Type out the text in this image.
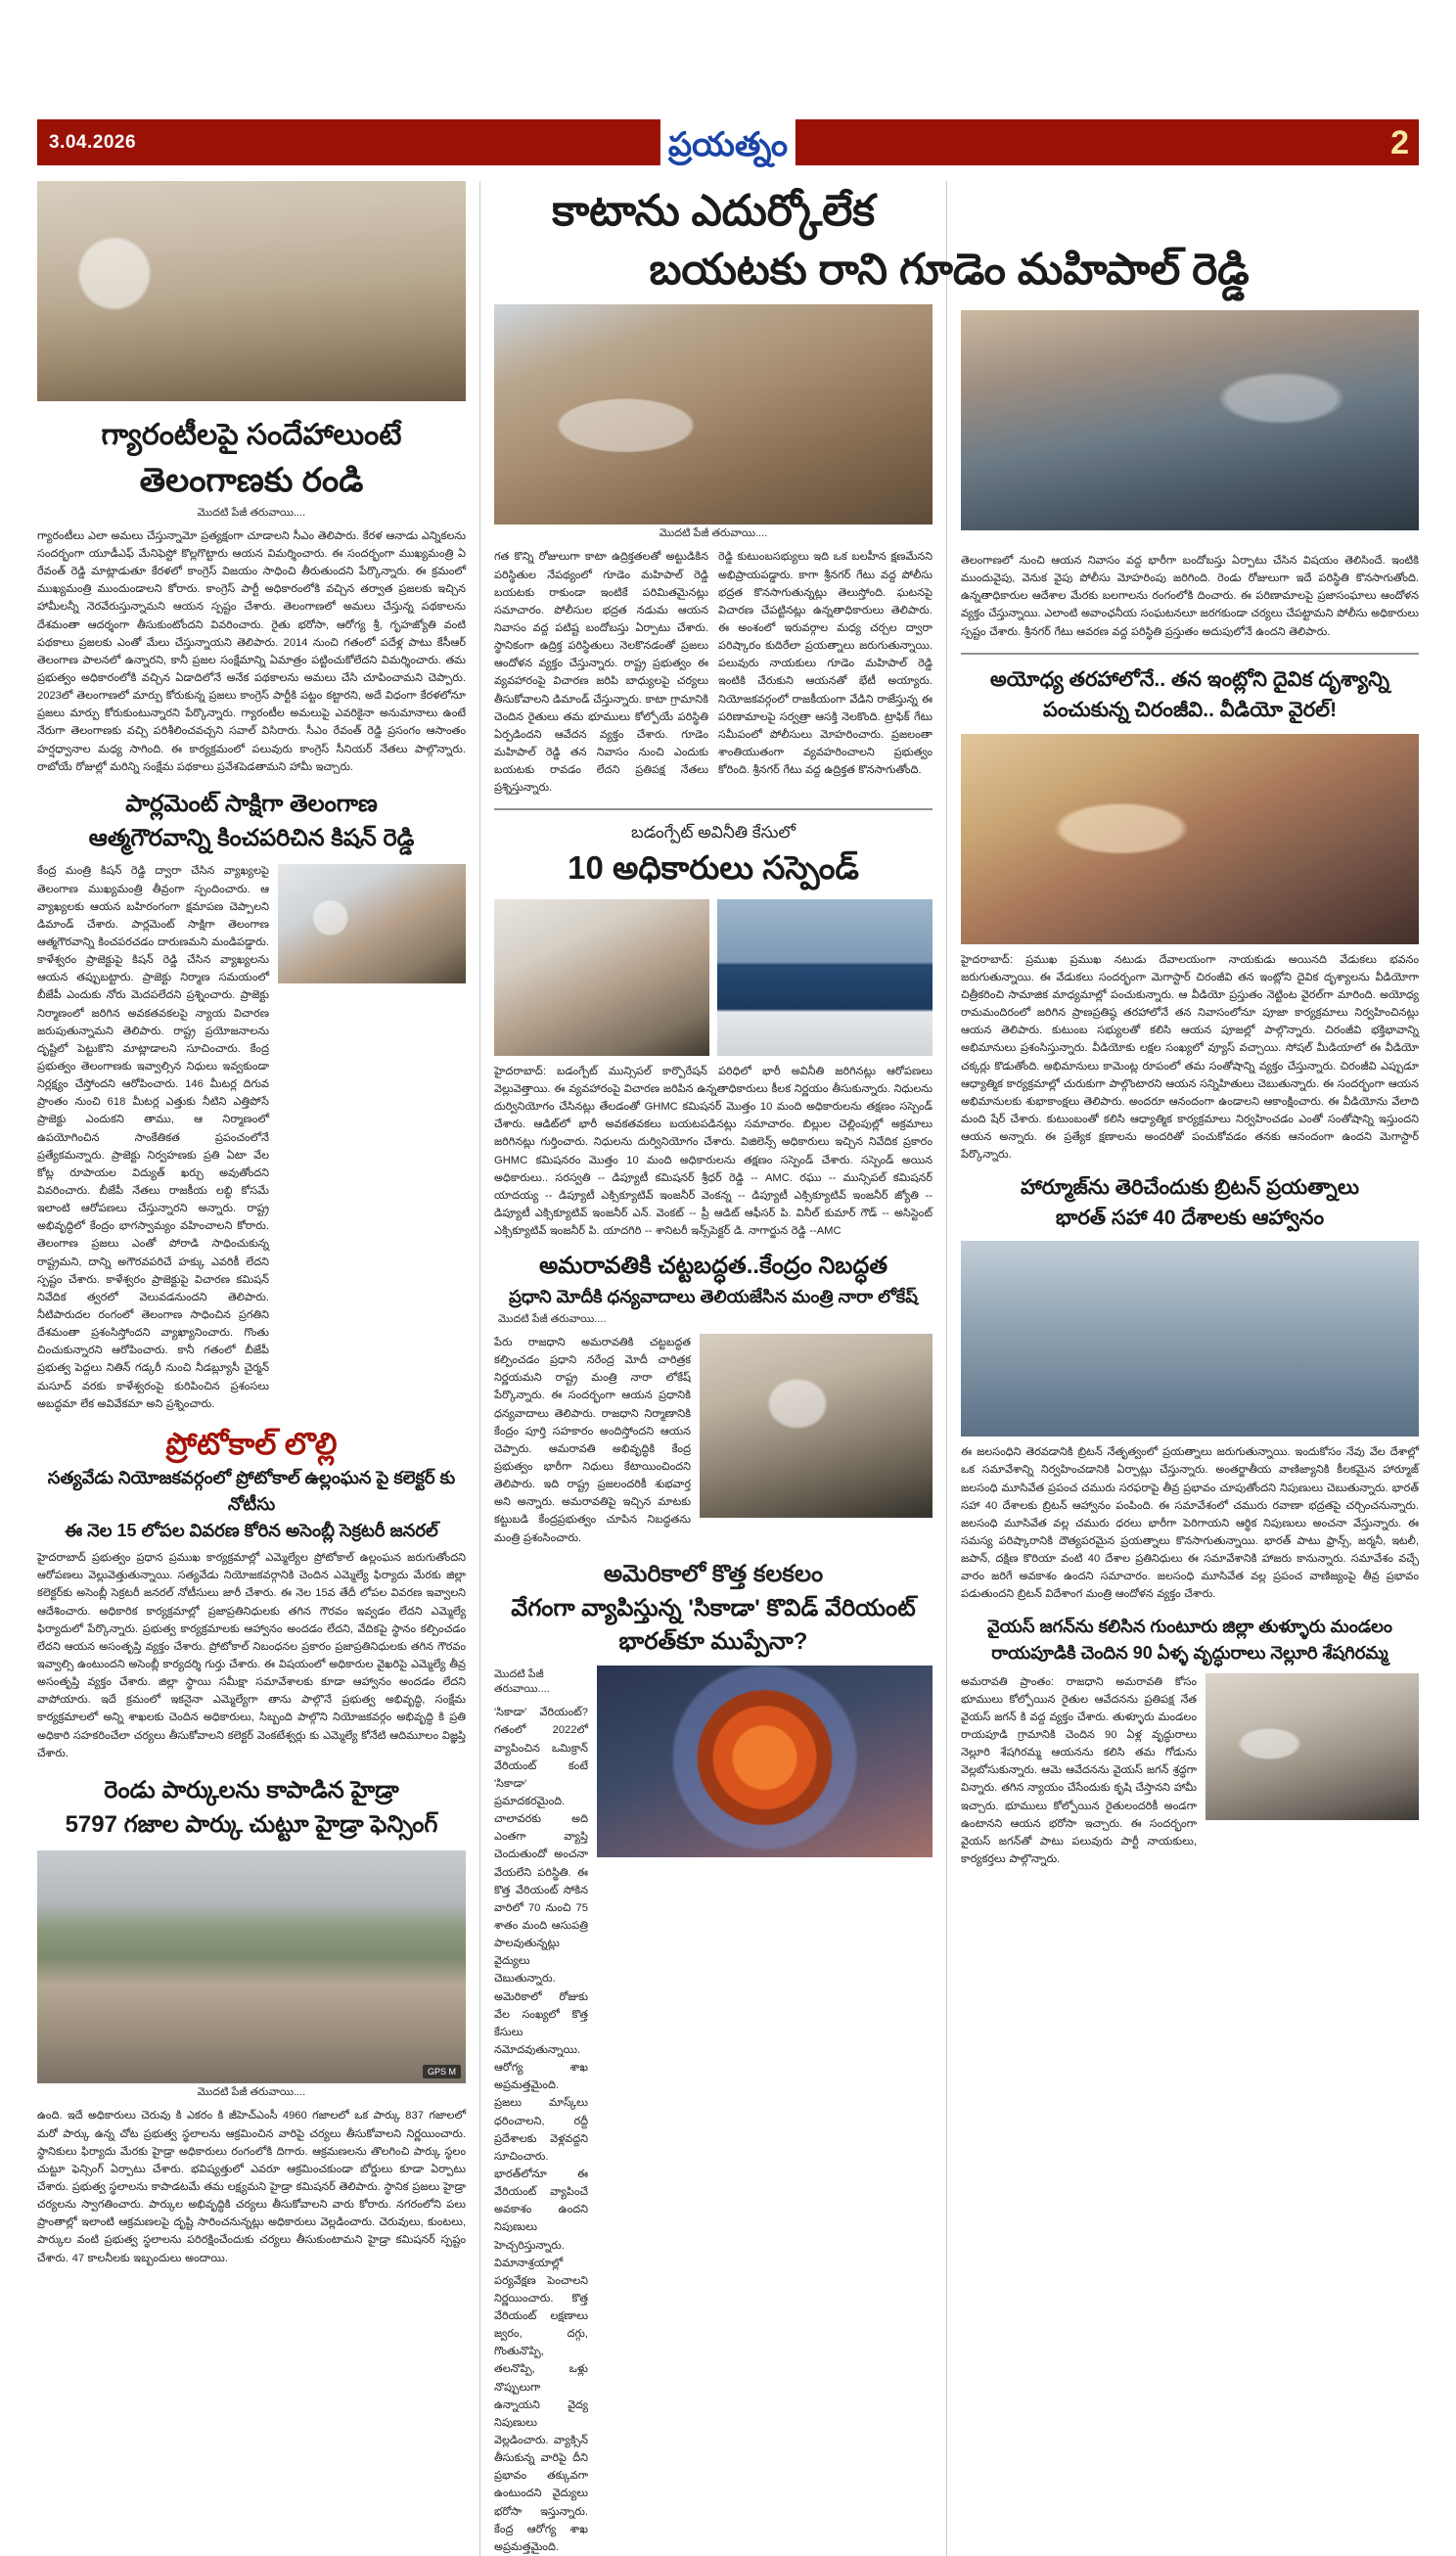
3.04.2026	ప్రయత్నం	2
గ్యారంటీలపై సందేహాలుంటే
తెలంగాణకు రండి
మొదటి పేజీ తరువాయి....
గ్యారంటీలు ఎలా అమలు చేస్తున్నామో ప్రత్యక్షంగా చూడాలని సీఎం తెలిపారు. కేరళ ఆనాడు ఎన్నికలను సందర్భంగా యూడీఎఫ్ మేనిఫెస్టో కొల్లగొట్టారు ఆయన విమర్శించారు. ఈ సందర్భంగా ముఖ్యమంత్రి ఏ రేవంత్ రెడ్డి మాట్లాడుతూ కేరళలో కాంగ్రెస్ విజయం సాధించి తీరుతుందని పేర్కొన్నారు. ఈ క్రమంలో ముఖ్యమంత్రి ముందుండాలని కోరారు. కాంగ్రెస్ పార్టీ అధికారంలోకి వచ్చిన తర్వాత ప్రజలకు ఇచ్చిన హామీలన్నీ నెరవేరుస్తున్నామని ఆయన స్పష్టం చేశారు. తెలంగాణలో అమలు చేస్తున్న పథకాలను దేశమంతా ఆదర్శంగా తీసుకుంటోందని వివరించారు. రైతు భరోసా, ఆరోగ్య శ్రీ, గృహజ్యోతి వంటి పథకాలు ప్రజలకు ఎంతో మేలు చేస్తున్నాయని తెలిపారు. 2014 నుంచి గతంలో పదేళ్ల పాటు కేసీఆర్ తెలంగాణ పాలనలో ఉన్నారని, కానీ ప్రజల సంక్షేమాన్ని ఏమాత్రం పట్టించుకోలేదని విమర్శించారు. తమ ప్రభుత్వం అధికారంలోకి వచ్చిన ఏడాదిలోనే అనేక పథకాలను అమలు చేసి చూపించామని చెప్పారు. 2023లో తెలంగాణలో మార్పు కోరుకున్న ప్రజలు కాంగ్రెస్ పార్టీకి పట్టం కట్టారని, అదే విధంగా కేరళలోనూ ప్రజలు మార్పు కోరుకుంటున్నారని పేర్కొన్నారు. గ్యారంటీల అమలుపై ఎవరికైనా అనుమానాలు ఉంటే నేరుగా తెలంగాణకు వచ్చి పరిశీలించవచ్చని సవాల్ విసిరారు. సీఎం రేవంత్ రెడ్డి ప్రసంగం ఆసాంతం హర్షధ్వానాల మధ్య సాగింది. ఈ కార్యక్రమంలో పలువురు కాంగ్రెస్ సీనియర్ నేతలు పాల్గొన్నారు. రాబోయే రోజుల్లో మరిన్ని సంక్షేమ పథకాలు ప్రవేశపెడతామని హామీ ఇచ్చారు.
పార్లమెంట్ సాక్షిగా తెలంగాణ
ఆత్మగౌరవాన్ని కించపరిచిన కిషన్ రెడ్డి
కేంద్ర మంత్రి కిషన్ రెడ్డి ద్వారా చేసిన వ్యాఖ్యలపై తెలంగాణ ముఖ్యమంత్రి తీవ్రంగా స్పందించారు. ఆ వ్యాఖ్యలకు ఆయన బహిరంగంగా క్షమాపణ చెప్పాలని డిమాండ్ చేశారు. పార్లమెంట్ సాక్షిగా తెలంగాణ ఆత్మగౌరవాన్ని కించపరచడం దారుణమని మండిపడ్డారు. కాళేశ్వరం ప్రాజెక్టుపై కిషన్ రెడ్డి చేసిన వ్యాఖ్యలను ఆయన తప్పుబట్టారు. ప్రాజెక్టు నిర్మాణ సమయంలో బీజేపీ ఎందుకు నోరు మెదపలేదని ప్రశ్నించారు. ప్రాజెక్టు నిర్మాణంలో జరిగిన అవకతవకలపై న్యాయ విచారణ జరుపుతున్నామని తెలిపారు. రాష్ట్ర ప్రయోజనాలను దృష్టిలో పెట్టుకొని మాట్లాడాలని సూచించారు. కేంద్ర ప్రభుత్వం తెలంగాణకు ఇవ్వాల్సిన నిధులు ఇవ్వకుండా నిర్లక్ష్యం చేస్తోందని ఆరోపించారు. 146 మీటర్ల దిగువ ప్రాంతం నుంచి 618 మీటర్ల ఎత్తుకు నీటిని ఎత్తిపోసే ప్రాజెక్టు ఎందుకని తాము, ఆ నిర్మాణంలో ఉపయోగించిన సాంకేతికత ప్రపంచంలోనే ప్రత్యేకమన్నారు. ప్రాజెక్టు నిర్వహణకు ప్రతి ఏటా వేల కోట్ల రూపాయల విద్యుత్ ఖర్చు అవుతోందని వివరించారు. బీజేపీ నేతలు రాజకీయ లబ్ధి కోసమే ఇలాంటి ఆరోపణలు చేస్తున్నారని అన్నారు. రాష్ట్ర అభివృద్ధిలో కేంద్రం భాగస్వామ్యం వహించాలని కోరారు. తెలంగాణ ప్రజలు ఎంతో పోరాడి సాధించుకున్న రాష్ట్రమని, దాన్ని అగౌరవపరిచే హక్కు ఎవరికీ లేదని స్పష్టం చేశారు. కాళేశ్వరం ప్రాజెక్టుపై విచారణ కమిషన్ నివేదిక త్వరలో వెలువడనుందని తెలిపారు. నీటిపారుదల రంగంలో తెలంగాణ సాధించిన ప్రగతిని దేశమంతా ప్రశంసిస్తోందని వ్యాఖ్యానించారు. గొంతు చించుకున్నారని ఆరోపించారు. కానీ గతంలో బీజేపీ ప్రభుత్వ పెద్దలు నితిన్ గడ్కరీ నుంచి నీడబ్ల్యూసీ చైర్మన్ మసూద్ వరకు కాళేశ్వరంపై కురిపించిన ప్రశంసలు అబద్ధమా లేక అవివేకమా అని ప్రశ్నించారు.
ప్రోటోకాల్ లొల్లి
సత్యవేడు నియోజకవర్గంలో ప్రోటోకాల్ ఉల్లంఘన పై కలెక్టర్ కు నోటీసు
ఈ నెల 15 లోపల వివరణ కోరిన అసెంబ్లీ సెక్రటరీ జనరల్
హైదరాబాద్ ప్రభుత్వం ప్రధాన ప్రముఖ కార్యక్రమాల్లో ఎమ్మెల్యేల ప్రోటోకాల్ ఉల్లంఘన జరుగుతోందని ఆరోపణలు వెల్లువెత్తుతున్నాయి. సత్యవేడు నియోజకవర్గానికి చెందిన ఎమ్మెల్యే ఫిర్యాదు మేరకు జిల్లా కలెక్టర్‌కు అసెంబ్లీ సెక్రటరీ జనరల్ నోటీసులు జారీ చేశారు. ఈ నెల 15వ తేదీ లోపల వివరణ ఇవ్వాలని ఆదేశించారు. అధికారిక కార్యక్రమాల్లో ప్రజాప్రతినిధులకు తగిన గౌరవం ఇవ్వడం లేదని ఎమ్మెల్యే ఫిర్యాదులో పేర్కొన్నారు. ప్రభుత్వ కార్యక్రమాలకు ఆహ్వానం అందడం లేదని, వేదికపై స్థానం కల్పించడం లేదని ఆయన అసంతృప్తి వ్యక్తం చేశారు. ప్రోటోకాల్ నిబంధనల ప్రకారం ప్రజాప్రతినిధులకు తగిన గౌరవం ఇవ్వాల్సి ఉంటుందని అసెంబ్లీ కార్యదర్శి గుర్తు చేశారు. ఈ విషయంలో అధికారుల వైఖరిపై ఎమ్మెల్యే తీవ్ర అసంతృప్తి వ్యక్తం చేశారు. జిల్లా స్థాయి సమీక్షా సమావేశాలకు కూడా ఆహ్వానం అందడం లేదని వాపోయారు. ఇదే క్రమంలో ఇకనైనా ఎమ్మెల్యేగా తాను పాల్గొనే ప్రభుత్వ అభివృద్ధి, సంక్షేమ కార్యక్రమాలలో అన్ని శాఖలకు చెందిన అధికారులు, సిబ్బంది పాల్గొని నియోజకవర్గం అభివృద్ధి కి ప్రతి అధికారి సహకరించేలా చర్యలు తీసుకోవాలని కలెక్టర్ వెంకటేశ్వర్లు కు ఎమ్మెల్యే కోనేటి ఆదిమూలం విజ్ఞప్తి చేశారు.
రెండు పార్కులను కాపాడిన హైడ్రా
5797 గజాల పార్కు చుట్టూ హైడ్రా ఫెన్సింగ్
GPS M
మొదటి పేజీ తరువాయి....
ఉంది. ఇదే అధికారులు చెరువు కి ఎకరం కి జీహెచ్ఎంసీ 4960 గజాలలో ఒక పార్కు 837 గజాలలో మరో పార్కు ఉన్న చోట ప్రభుత్వ స్థలాలను ఆక్రమించిన వారిపై చర్యలు తీసుకోవాలని నిర్ణయించారు. స్థానికులు ఫిర్యాదు మేరకు హైడ్రా అధికారులు రంగంలోకి దిగారు. ఆక్రమణలను తొలగించి పార్కు స్థలం చుట్టూ ఫెన్సింగ్ ఏర్పాటు చేశారు. భవిష్యత్తులో ఎవరూ ఆక్రమించకుండా బోర్డులు కూడా ఏర్పాటు చేశారు. ప్రభుత్వ స్థలాలను కాపాడటమే తమ లక్ష్యమని హైడ్రా కమిషనర్ తెలిపారు. స్థానిక ప్రజలు హైడ్రా చర్యలను స్వాగతించారు. పార్కుల అభివృద్ధికి చర్యలు తీసుకోవాలని వారు కోరారు. నగరంలోని పలు ప్రాంతాల్లో ఇలాంటి ఆక్రమణలపై దృష్టి సారించనున్నట్లు అధికారులు వెల్లడించారు. చెరువులు, కుంటలు, పార్కుల వంటి ప్రభుత్వ స్థలాలను పరిరక్షించేందుకు చర్యలు తీసుకుంటామని హైడ్రా కమిషనర్ స్పష్టం చేశారు. 47 కాలనీలకు ఇబ్బందులు అందాయి.
కాటాను ఎదుర్కోలేక
మొదటి పేజీ తరువాయి....
గత కొన్ని రోజులుగా కాటా ఉద్రిక్తతలతో అట్టుడికిన పరిస్థితుల నేపథ్యంలో గూడెం మహిపాల్ రెడ్డి బయటకు రాకుండా ఇంటికే పరిమితమైనట్లు సమాచారం. పోలీసుల భద్రత నడుమ ఆయన నివాసం వద్ద పటిష్ట బందోబస్తు ఏర్పాటు చేశారు. స్థానికంగా ఉద్రిక్త పరిస్థితులు నెలకొనడంతో ప్రజలు ఆందోళన వ్యక్తం చేస్తున్నారు. రాష్ట్ర ప్రభుత్వం ఈ వ్యవహారంపై విచారణ జరిపి బాధ్యులపై చర్యలు తీసుకోవాలని డిమాండ్ చేస్తున్నారు. కాటా గ్రామానికి చెందిన రైతులు తమ భూములు కోల్పోయే పరిస్థితి ఏర్పడిందని ఆవేదన వ్యక్తం చేశారు. గూడెం మహిపాల్ రెడ్డి తన నివాసం నుంచి ఎందుకు బయటకు రావడం లేదని ప్రతిపక్ష నేతలు ప్రశ్నిస్తున్నారు.
రెడ్డి కుటుంబసభ్యులు ఇది ఒక బలహీన క్షణమేనని అభిప్రాయపడ్డారు. కాగా శ్రీనగర్ గేటు వద్ద పోలీసు భద్రత కొనసాగుతున్నట్లు తెలుస్తోంది. ఘటనపై విచారణ చేపట్టినట్లు ఉన్నతాధికారులు తెలిపారు. ఈ అంశంలో ఇరువర్గాల మధ్య చర్చల ద్వారా పరిష్కారం కుదిరేలా ప్రయత్నాలు జరుగుతున్నాయి. పలువురు నాయకులు గూడెం మహిపాల్ రెడ్డి ఇంటికి చేరుకుని ఆయనతో భేటీ అయ్యారు. నియోజకవర్గంలో రాజకీయంగా వేడిని రాజేస్తున్న ఈ పరిణామాలపై సర్వత్రా ఆసక్తి నెలకొంది. ట్రాఫిక్ గేటు సమీపంలో పోలీసులు మోహరించారు. ప్రజలంతా శాంతియుతంగా వ్యవహరించాలని ప్రభుత్వం కోరింది. శ్రీనగర్ గేటు వద్ద ఉద్రిక్తత కొనసాగుతోంది.
బడంగ్పేట్ అవినీతి కేసులో
10 అధికారులు సస్పెండ్
హైదరాబాద్: బడంగ్పేట్ మున్సిపల్ కార్పొరేషన్ పరిధిలో భారీ అవినీతి జరిగినట్లు ఆరోపణలు వెల్లువెత్తాయి. ఈ వ్యవహారంపై విచారణ జరిపిన ఉన్నతాధికారులు కీలక నిర్ణయం తీసుకున్నారు. నిధులను దుర్వినియోగం చేసినట్లు తేలడంతో GHMC కమిషనర్ మొత్తం 10 మంది అధికారులను తక్షణం సస్పెండ్ చేశారు. ఆడిట్‌లో భారీ అవకతవకలు బయటపడినట్లు సమాచారం. బిల్లుల చెల్లింపుల్లో అక్రమాలు జరిగినట్లు గుర్తించారు. నిధులను దుర్వినియోగం చేశారు. విజిలెన్స్ అధికారులు ఇచ్చిన నివేదిక ప్రకారం GHMC కమిషనరం మొత్తం 10 మంది అధికారులను తక్షణం సస్పెండ్ చేశారు. సస్పెండ్ అయిన అధికారులు.. సరస్వతి -- డిప్యూటీ కమిషనర్ శ్రీధర్ రెడ్డి -- AMC. రఘు -- మున్సిపల్ కమిషనర్ యాదయ్య -- డిప్యూటీ ఎక్సిక్యూటివ్ ఇంజనీర్ వెంకన్న -- డిప్యూటీ ఎక్సిక్యూటివ్ ఇంజనీర్ జ్యోతి -- డిప్యూటీ ఎక్సిక్యూటివ్ ఇంజనీర్ ఎన్. వెంకట్ -- ప్రీ ఆడిట్ ఆఫీసర్ పి. వినీల్ కుమార్ గౌడ్ -- అసిస్టెంట్ ఎక్సిక్యూటివ్ ఇంజనీర్ పి. యాదగిరి -- శానిటరీ ఇన్స్‌పెక్టర్ డి. నాగార్జున రెడ్డి --AMC
అమరావతికి చట్టబద్ధత..కేంద్రం నిబద్ధత
ప్రధాని మోదీకి ధన్యవాదాలు తెలియజేసిన మంత్రి నారా లోకేష్
మొదటి పేజీ తరువాయి....
పేరు రాజధాని అమరావతికి చట్టబద్ధత కల్పించడం ప్రధాని నరేంద్ర మోదీ చారిత్రక నిర్ణయమని రాష్ట్ర మంత్రి నారా లోకేష్ పేర్కొన్నారు. ఈ సందర్భంగా ఆయన ప్రధానికి ధన్యవాదాలు తెలిపారు. రాజధాని నిర్మాణానికి కేంద్రం పూర్తి సహకారం అందిస్తోందని ఆయన చెప్పారు. అమరావతి అభివృద్ధికి కేంద్ర ప్రభుత్వం భారీగా నిధులు కేటాయించిందని తెలిపారు. ఇది రాష్ట్ర ప్రజలందరికీ శుభవార్త అని అన్నారు. అమరావతిపై ఇచ్చిన మాటకు కట్టుబడి కేంద్రప్రభుత్వం చూపిన నిబద్ధతను మంత్రి ప్రశంసించారు.
అమెరికాలో కొత్త కలకలం
వేగంగా వ్యాపిస్తున్న 'సికాడా' కొవిడ్ వేరియంట్
భారత్‌కూ ముప్పేనా?
మొదటి పేజీ తరువాయి....
'సికాడా' వేరియంట్? గతంలో 2022లో వ్యాపించిన ఒమిక్రాన్ వేరియంట్ కంటే 'సికాడా' ప్రమాదకరమైంది. చాలావరకు అది ఎంతగా వ్యాప్తి చెందుతుందో అంచనా వేయలేని పరిస్థితి. ఈ కొత్త వేరియంట్ సోకిన వారిలో 70 నుంచి 75 శాతం మంది ఆసుపత్రి పాలవుతున్నట్లు వైద్యులు చెబుతున్నారు. అమెరికాలో రోజుకు వేల సంఖ్యలో కొత్త కేసులు నమోదవుతున్నాయి. ఆరోగ్య శాఖ అప్రమత్తమైంది. ప్రజలు మాస్క్‌లు ధరించాలని, రద్దీ ప్రదేశాలకు వెళ్లవద్దని సూచించారు. భారత్‌లోనూ ఈ వేరియంట్ వ్యాపించే అవకాశం ఉందని నిపుణులు హెచ్చరిస్తున్నారు. విమానాశ్రయాల్లో పర్యవేక్షణ పెంచాలని నిర్ణయించారు. కొత్త వేరియంట్ లక్షణాలు జ్వరం, దగ్గు, గొంతునొప్పి, తలనొప్పి, ఒళ్లు నొప్పులుగా ఉన్నాయని వైద్య నిపుణులు వెల్లడించారు. వ్యాక్సిన్ తీసుకున్న వారిపై దీని ప్రభావం తక్కువగా ఉంటుందని వైద్యులు భరోసా ఇస్తున్నారు. కేంద్ర ఆరోగ్య శాఖ అప్రమత్తమైంది.
తెలంగాణలో నుంచి ఆయన నివాసం వద్ద భారీగా బందోబస్తు ఏర్పాటు చేసిన విషయం తెలిసిందే. ఇంటికి ముందువైపు, వెనుక వైపు పోలీసు మోహరింపు జరిగింది. రెండు రోజులుగా ఇదే పరిస్థితి కొనసాగుతోంది. ఉన్నతాధికారుల ఆదేశాల మేరకు బలగాలను రంగంలోకి దించారు. ఈ పరిణామాలపై ప్రజాసంఘాలు ఆందోళన వ్యక్తం చేస్తున్నాయి. ఎలాంటి అవాంఛనీయ సంఘటనలూ జరగకుండా చర్యలు చేపట్టామని పోలీసు అధికారులు స్పష్టం చేశారు. శ్రీనగర్ గేటు ఆవరణ వద్ద పరిస్థితి ప్రస్తుతం అదుపులోనే ఉందని తెలిపారు.
అయోధ్య తరహాలోనే.. తన ఇంట్లోని దైవిక దృశ్యాన్ని
పంచుకున్న చిరంజీవి.. వీడియో వైరల్!
హైదరాబాద్: ప్రముఖ ప్రముఖ నటుడు దేవాలయంగా నాయకుడు అయినది వేడుకలు భవనం జరుగుతున్నాయి. ఈ వేడుకలు సందర్భంగా మెగాస్టార్ చిరంజీవి తన ఇంట్లోని దైవిక దృశ్యాలను వీడియోగా చిత్రీకరించి సామాజిక మాధ్యమాల్లో పంచుకున్నారు. ఆ వీడియో ప్రస్తుతం నెట్టింట వైరల్‌గా మారింది. అయోధ్య రామమందిరంలో జరిగిన ప్రాణప్రతిష్ఠ తరహాలోనే తన నివాసంలోనూ పూజా కార్యక్రమాలు నిర్వహించినట్లు ఆయన తెలిపారు. కుటుంబ సభ్యులతో కలిసి ఆయన పూజల్లో పాల్గొన్నారు. చిరంజీవి భక్తిభావాన్ని అభిమానులు ప్రశంసిస్తున్నారు. వీడియోకు లక్షల సంఖ్యలో వ్యూస్ వచ్చాయి. సోషల్ మీడియాలో ఈ వీడియో చక్కర్లు కొడుతోంది. అభిమానులు కామెంట్ల రూపంలో తమ సంతోషాన్ని వ్యక్తం చేస్తున్నారు. చిరంజీవి ఎప్పుడూ ఆధ్యాత్మిక కార్యక్రమాల్లో చురుకుగా పాల్గొంటారని ఆయన సన్నిహితులు చెబుతున్నారు. ఈ సందర్భంగా ఆయన అభిమానులకు శుభాకాంక్షలు తెలిపారు. అందరూ ఆనందంగా ఉండాలని ఆకాంక్షించారు. ఈ వీడియోను వేలాది మంది షేర్ చేశారు. కుటుంబంతో కలిసి ఆధ్యాత్మిక కార్యక్రమాలు నిర్వహించడం ఎంతో సంతోషాన్ని ఇస్తుందని ఆయన అన్నారు. ఈ ప్రత్యేక క్షణాలను అందరితో పంచుకోవడం తనకు ఆనందంగా ఉందని మెగాస్టార్ పేర్కొన్నారు.
హార్మూజ్‌ను తెరిచేందుకు బ్రిటన్ ప్రయత్నాలు
భారత్ సహా 40 దేశాలకు ఆహ్వానం
ఈ జలసంధిని తెరవడానికి బ్రిటన్ నేతృత్వంలో ప్రయత్నాలు జరుగుతున్నాయి. ఇందుకోసం నేవు వేల దేశాల్లో ఒక సమావేశాన్ని నిర్వహించడానికి ఏర్పాట్లు చేస్తున్నారు. అంతర్జాతీయ వాణిజ్యానికి కీలకమైన హార్మూజ్ జలసంధి మూసివేత ప్రపంచ చమురు సరఫరాపై తీవ్ర ప్రభావం చూపుతోందని నిపుణులు చెబుతున్నారు. భారత్ సహా 40 దేశాలకు బ్రిటన్ ఆహ్వానం పంపింది. ఈ సమావేశంలో చమురు రవాణా భద్రతపై చర్చించనున్నారు. జలసంధి మూసివేత వల్ల చమురు ధరలు భారీగా పెరిగాయని ఆర్థిక నిపుణులు అంచనా వేస్తున్నారు. ఈ సమస్య పరిష్కారానికి దౌత్యపరమైన ప్రయత్నాలు కొనసాగుతున్నాయి. భారత్ పాటు ఫ్రాన్స్, జర్మనీ, ఇటలీ, జపాన్, దక్షిణ కొరియా వంటి 40 దేశాల ప్రతినిధులు ఈ సమావేశానికి హాజరు కానున్నారు. సమావేశం వచ్చే వారం జరిగే అవకాశం ఉందని సమాచారం. జలసంధి మూసివేత వల్ల ప్రపంచ వాణిజ్యంపై తీవ్ర ప్రభావం పడుతుందని బ్రిటన్ విదేశాంగ మంత్రి ఆందోళన వ్యక్తం చేశారు.
వైయస్ జగన్‌ను కలిసిన గుంటూరు జిల్లా తుళ్ళూరు మండలం
రాయపూడికి చెందిన 90 ఏళ్ళ వృద్ధురాలు నెల్లూరి శేషగిరమ్మ
అమరావతి ప్రాంతం: రాజధాని అమరావతి కోసం భూములు కోల్పోయిన రైతుల ఆవేదనను ప్రతిపక్ష నేత వైయస్ జగన్ కి వద్ద వ్యక్తం చేశారు. తుళ్ళూరు మండలం రాయపూడి గ్రామానికి చెందిన 90 ఏళ్ల వృద్ధురాలు నెల్లూరి శేషగిరమ్మ ఆయనను కలిసి తమ గోడును వెల్లబోసుకున్నారు. ఆమె ఆవేదనను వైయస్ జగన్ శ్రద్ధగా విన్నారు. తగిన న్యాయం చేసేందుకు కృషి చేస్తానని హామీ ఇచ్చారు. భూములు కోల్పోయిన రైతులందరికీ అండగా ఉంటానని ఆయన భరోసా ఇచ్చారు. ఈ సందర్భంగా వైయస్ జగన్‌తో పాటు పలువురు పార్టీ నాయకులు, కార్యకర్తలు పాల్గొన్నారు.
బయటకు రాని గూడెం మహిపాల్ రెడ్డి
